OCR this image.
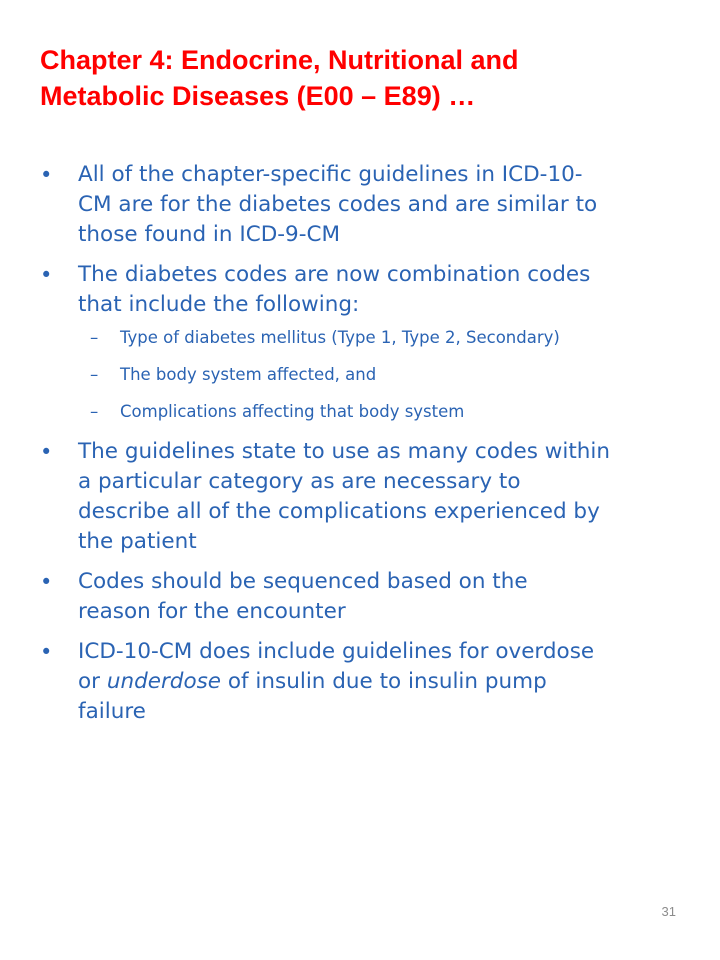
Chapter 4: Endocrine, Nutritional and
Metabolic Diseases (E00 – E89) …
•	All of the chapter-specific guidelines in ICD-10-
CM are for the diabetes codes and are similar to
those found in ICD-9-CM
•	The diabetes codes are now combination codes
that include the following:
– Type of diabetes mellitus (Type 1, Type 2, Secondary)
– The body system affected, and
– Complications affecting that body system
•	The guidelines state to use as many codes within
a particular category as are necessary to
describe all of the complications experienced by
the patient
•	Codes should be sequenced based on the
reason for the encounter
•	ICD-10-CM does include guidelines for overdose
or underdose of insulin due to insulin pump
failure
31
